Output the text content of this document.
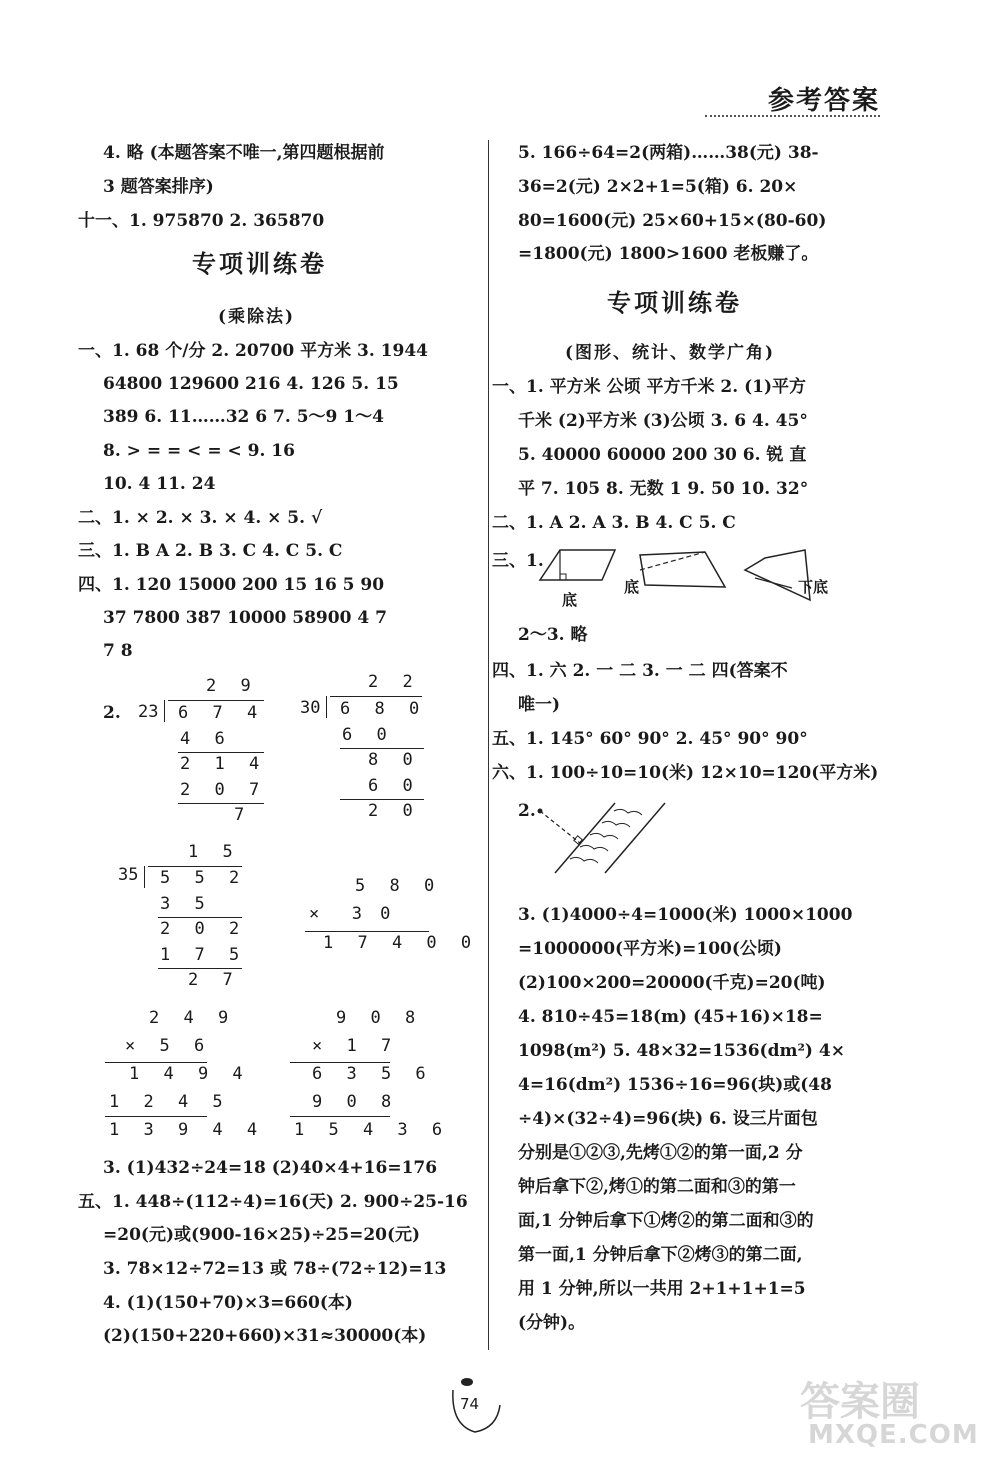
参考答案
4. 略 (本题答案不唯一,第四题根据前
3 题答案排序)
十一、1. 975870 2. 365870
专项训练卷
(乘除法)
一、1. 68 个/分 2. 20700 平方米 3. 1944
64800 129600 216 4. 126 5. 15
389 6. 11……32 6 7. 5～9 1～4
8. > = = < = < 9. 16
10. 4 11. 24
二、1. × 2. × 3. × 4. × 5. √
三、1. B A 2. B 3. C 4. C 5. C
四、1. 120 15000 200 15 16 5 90
37 7800 387 10000 58900 4 7
7 8
2.
2 9
23 6 7 4
4 6
2 1 4
2 0 7
7
2 2
30 6 8 0
6 0
8 0
6 0
2 0
1 5
35 5 5 2
3 5
2 0 2
1 7 5
2 7
5 8 0
×  3 0
1 7 4 0 0
2 4 9
× 5 6
1 4 9 4
1 2 4 5
1 3 9 4 4
9 0 8
× 1 7
6 3 5 6
9 0 8
1 5 4 3 6
3. (1)432÷24=18 (2)40×4+16=176
五、1. 448÷(112÷4)=16(天) 2. 900÷25-16
=20(元)或(900-16×25)÷25=20(元)
3. 78×12÷72=13 或 78÷(72÷12)=13
4. (1)(150+70)×3=660(本)
(2)(150+220+660)×31≈30000(本)
5. 166÷64=2(两箱)……38(元) 38-
36=2(元) 2×2+1=5(箱) 6. 20×
80=1600(元) 25×60+15×(80-60)
=1800(元) 1800>1600 老板赚了。
专项训练卷
(图形、统计、数学广角)
一、1. 平方米 公顷 平方千米 2. (1)平方
千米 (2)平方米 (3)公顷 3. 6 4. 45°
5. 40000 60000 200 30 6. 锐 直
平 7. 105 8. 无数 1 9. 50 10. 32°
二、1. A 2. A 3. B 4. C 5. C
三、1.
底
底	下底
2～3. 略
四、1. 六 2. 一 二 3. 一 二 四(答案不
唯一)
五、1. 145° 60° 90° 2. 45° 90° 90°
六、1. 100÷10=10(米) 12×10=120(平方米)
2.
3. (1)4000÷4=1000(米) 1000×1000
=1000000(平方米)=100(公顷)
(2)100×200=20000(千克)=20(吨)
4. 810÷45=18(m) (45+16)×18=
1098(m²) 5. 48×32=1536(dm²) 4×
4=16(dm²) 1536÷16=96(块)或(48
÷4)×(32÷4)=96(块) 6. 设三片面包
分别是①②③,先烤①②的第一面,2 分
钟后拿下②,烤①的第二面和③的第一
面,1 分钟后拿下①烤②的第二面和③的
第一面,1 分钟后拿下②烤③的第二面,
用 1 分钟,所以一共用 2+1+1+1=5
(分钟)。
74	答案圈
MXQE.COM
